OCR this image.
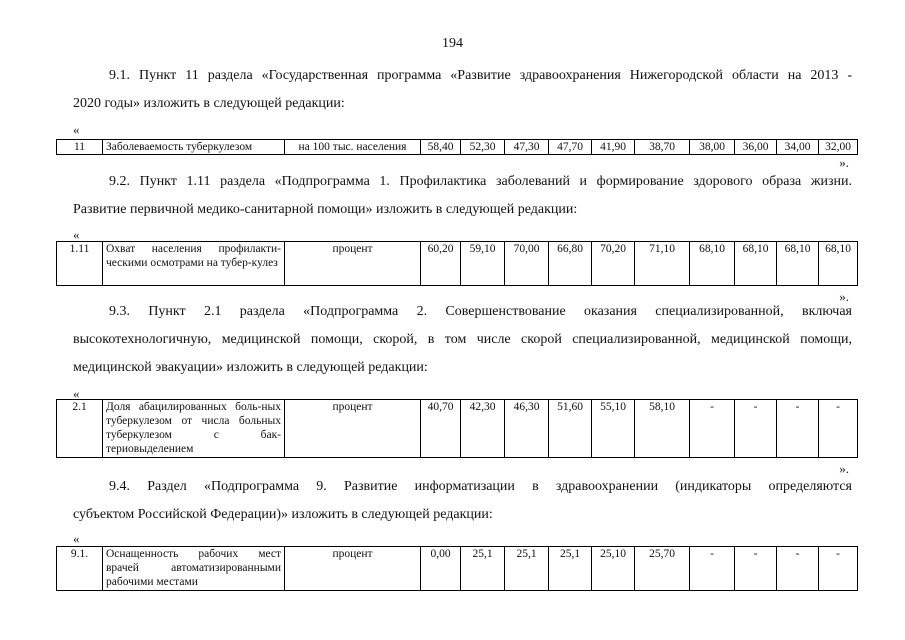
194
9.1. Пункт 11 раздела «Государственная программа «Развитие здравоохранения Нижегородской области на 2013 -
2020 годы» изложить в следующей редакции:
«
11	Заболеваемость туберкулезом	на 100 тыс. населения	58,40	52,30	47,30	47,70	41,90	38,70	38,00	36,00	34,00	32,00
».
9.2. Пункт 1.11 раздела «Подпрограмма 1. Профилактика заболеваний и формирование здорового образа жизни.
Развитие первичной медико-санитарной помощи» изложить в следующей редакции:
«
1.11	Охват населения профилакти-ческими осмотрами на тубер-кулез	процент	60,20	59,10	70,00	66,80	70,20	71,10	68,10	68,10	68,10	68,10
».
9.3. Пункт 2.1 раздела «Подпрограмма 2. Совершенствование оказания специализированной, включая
высокотехнологичную, медицинской помощи, скорой, в том числе скорой специализированной, медицинской помощи,
медицинской эвакуации» изложить в следующей редакции:
«
2.1	Доля абацилированных боль-ных туберкулезом от числа больных туберкулезом с бак-териовыделением	процент	40,70	42,30	46,30	51,60	55,10	58,10	-	-	-	-
».
9.4. Раздел «Подпрограмма 9. Развитие информатизации в здравоохранении (индикаторы определяются
субъектом Российской Федерации)» изложить в следующей редакции:
«
9.1.	Оснащенность рабочих мест врачей автоматизированными рабочими местами	процент	0,00	25,1	25,1	25,1	25,10	25,70	-	-	-	-
